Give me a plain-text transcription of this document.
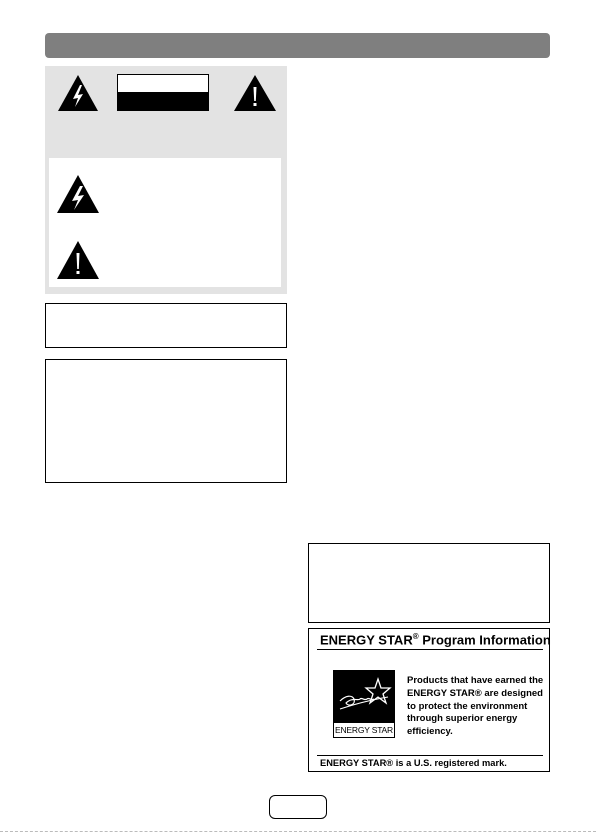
ENERGY STAR® Program Information
ENERGY STAR
Products that have earned the ENERGY STAR® are designed to protect the environment through superior energy efficiency.
ENERGY STAR® is a U.S. registered mark.
